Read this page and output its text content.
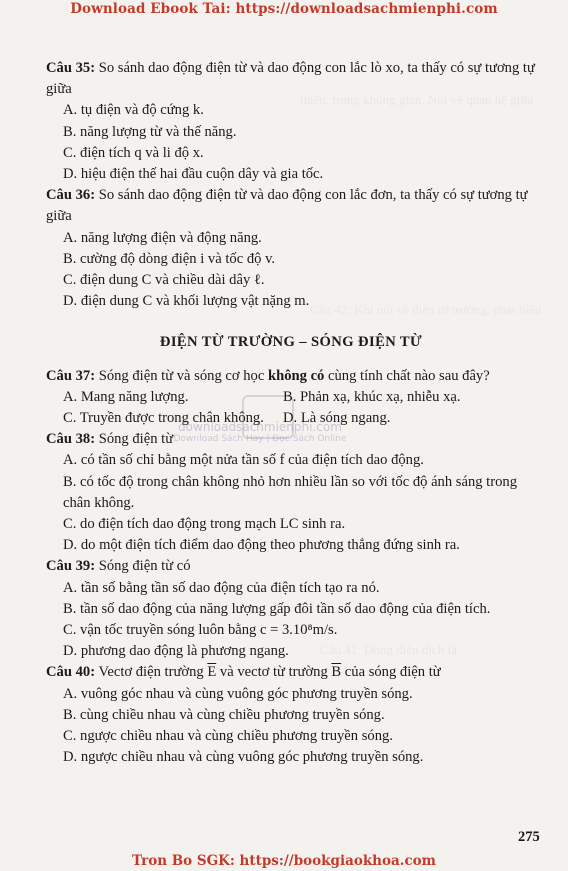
Download Ebook Tai: https://downloadsachmienphi.com
thiên, trong không gian. Nối về quan hệ giữa
Câu 42: Khi nói về điện từ trường, phát biểu
Câu 41: Dòng điện dịch là
downloadsachmienphi.com
Download Sách Hay | Đọc Sách Online
Câu 35: So sánh dao động điện từ và dao động con lắc lò xo, ta thấy có sự tương tự giữa
A. tụ điện và độ cứng k.
B. năng lượng từ và thế năng.
C. điện tích q và li độ x.
D. hiệu điện thế hai đầu cuộn dây và gia tốc.
Câu 36: So sánh dao động điện từ và dao động con lắc đơn, ta thấy có sự tương tự giữa
A. năng lượng điện và động năng.
B. cường độ dòng điện i và tốc độ v.
C. điện dung C và chiều dài dây ℓ.
D. điện dung C và khối lượng vật nặng m.
ĐIỆN TỪ TRƯỜNG – SÓNG ĐIỆN TỪ
Câu 37: Sóng điện từ và sóng cơ học không có cùng tính chất nào sau đây?
A. Mang năng lượng.	B. Phản xạ, khúc xạ, nhiễu xạ.
C. Truyền được trong chân không.	D. Là sóng ngang.
Câu 38: Sóng điện từ
A. có tần số chỉ bằng một nửa tần số f của điện tích dao động.
B. có tốc độ trong chân không nhỏ hơn nhiều lần so với tốc độ ánh sáng trong chân không.
C. do điện tích dao động trong mạch LC sinh ra.
D. do một điện tích điểm dao động theo phương thẳng đứng sinh ra.
Câu 39: Sóng điện từ có
A. tần số bằng tần số dao động của điện tích tạo ra nó.
B. tần số dao động của năng lượng gấp đôi tần số dao động của điện tích.
C. vận tốc truyền sóng luôn bằng c = 3.10⁸m/s.
D. phương dao động là phương ngang.
Câu 40: Vectơ điện trường $\overline{E}$ và vectơ từ trường $\overline{B}$ của sóng điện từ
A. vuông góc nhau và cùng vuông góc phương truyền sóng.
B. cùng chiều nhau và cùng chiều phương truyền sóng.
C. ngược chiều nhau và cùng chiều phương truyền sóng.
D. ngược chiều nhau và cùng vuông góc phương truyền sóng.
275
Tron Bo SGK: https://bookgiaokhoa.com
